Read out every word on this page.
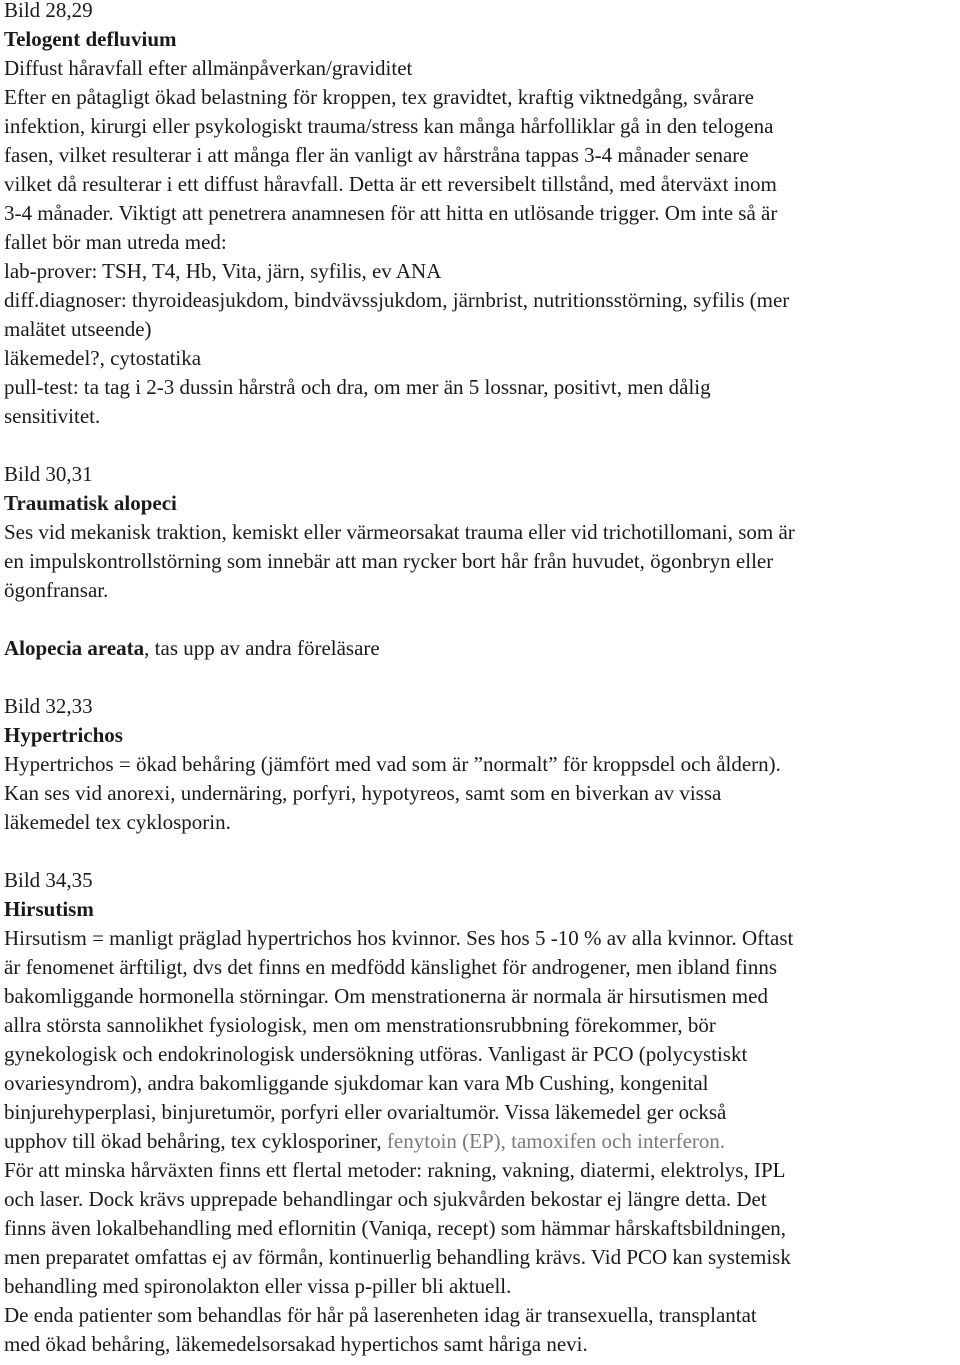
Bild 28,29
Telogent defluvium
Diffust håravfall efter allmänpåverkan/graviditet
Efter en påtagligt ökad belastning för kroppen, tex gravidtet, kraftig viktnedgång, svårare
infektion, kirurgi eller psykologiskt trauma/stress kan många hårfolliklar gå in den telogena
fasen, vilket resulterar i att många fler än vanligt av hårstråna tappas 3-4 månader senare
vilket då resulterar i ett diffust håravfall. Detta är ett reversibelt tillstånd, med återväxt inom
3-4 månader. Viktigt att penetrera anamnesen för att hitta en utlösande trigger. Om inte så är
fallet bör man utreda med:
lab-prover: TSH, T4, Hb, Vita, järn, syfilis, ev ANA
diff.diagnoser: thyroideasjukdom, bindvävssjukdom, järnbrist, nutritionsstörning, syfilis (mer
malätet utseende)
läkemedel?, cytostatika
pull-test: ta tag i 2-3 dussin hårstrå och dra, om mer än 5 lossnar, positivt, men dålig
sensitivitet.
Bild 30,31
Traumatisk alopeci
Ses vid mekanisk traktion, kemiskt eller värmeorsakat trauma eller vid trichotillomani, som är
en impulskontrollstörning som innebär att man rycker bort hår från huvudet, ögonbryn eller
ögonfransar.
Alopecia areata, tas upp av andra föreläsare
Bild 32,33
Hypertrichos
Hypertrichos = ökad behåring (jämfört med vad som är ”normalt” för kroppsdel och åldern).
Kan ses vid anorexi, undernäring, porfyri, hypotyreos, samt som en biverkan av vissa
läkemedel tex cyklosporin.
Bild 34,35
Hirsutism
Hirsutism = manligt präglad hypertrichos hos kvinnor. Ses hos 5 -10 % av alla kvinnor. Oftast
är fenomenet ärftiligt, dvs det finns en medfödd känslighet för androgener, men ibland finns
bakomliggande hormonella störningar. Om menstrationerna är normala är hirsutismen med
allra största sannolikhet fysiologisk, men om menstrationsrubbning förekommer, bör
gynekologisk och endokrinologisk undersökning utföras. Vanligast är PCO (polycystiskt
ovariesyndrom), andra bakomliggande sjukdomar kan vara Mb Cushing, kongenital
binjurehyperplasi, binjuretumör, porfyri eller ovarialtumör. Vissa läkemedel ger också
upphov till ökad behåring, tex cyklosporiner, fenytoin (EP), tamoxifen och interferon.
För att minska hårväxten finns ett flertal metoder: rakning, vakning, diatermi, elektrolys, IPL
och laser. Dock krävs upprepade behandlingar och sjukvården bekostar ej längre detta. Det
finns även lokalbehandling med eflornitin (Vaniqa, recept) som hämmar hårskaftsbildningen,
men preparatet omfattas ej av förmån, kontinuerlig behandling krävs. Vid PCO kan systemisk
behandling med spironolakton eller vissa p-piller bli aktuell.
De enda patienter som behandlas för hår på laserenheten idag är transexuella, transplantat
med ökad behåring, läkemedelsorsakad hypertichos samt håriga nevi.
